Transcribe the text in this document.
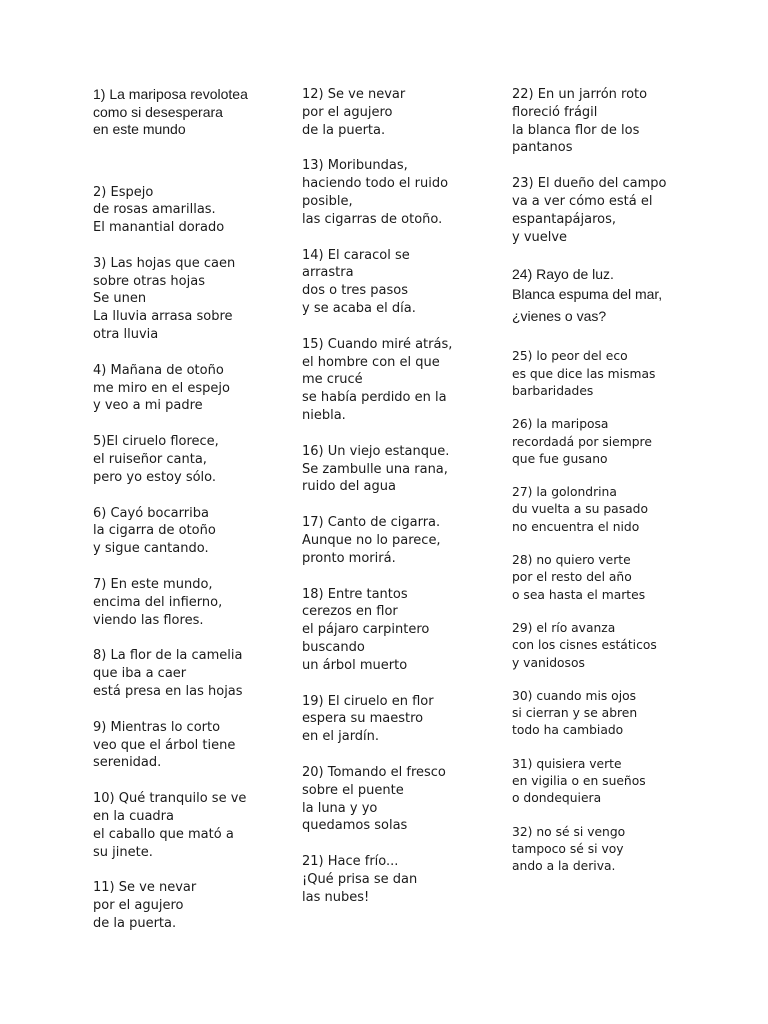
1) La mariposa revolotea
como si desesperara
en este mundo
2) Espejo
de rosas amarillas.
El manantial dorado
3) Las hojas que caen
sobre otras hojas
Se unen
La lluvia arrasa sobre
otra lluvia
4) Mañana de otoño
me miro en el espejo
y veo a mi padre
5)El ciruelo florece,
el ruiseñor canta,
pero yo estoy sólo.
6) Cayó bocarriba
la cigarra de otoño
y sigue cantando.
7) En este mundo,
encima del infierno,
viendo las flores.
8) La flor de la camelia
que iba a caer
está presa en las hojas
9) Mientras lo corto
veo que el árbol tiene
serenidad.
10) Qué tranquilo se ve
en la cuadra
el caballo que mató a
su jinete.
11) Se ve nevar
por el agujero
de la puerta.
12) Se ve nevar
por el agujero
de la puerta.
13) Moribundas,
haciendo todo el ruido
posible,
las cigarras de otoño.
14) El caracol se
arrastra
dos o tres pasos
y se acaba el día.
15) Cuando miré atrás,
el hombre con el que
me crucé
se había perdido en la
niebla.
16) Un viejo estanque.
Se zambulle una rana,
ruido del agua
17) Canto de cigarra.
Aunque no lo parece,
pronto morirá.
18) Entre tantos
cerezos en flor
el pájaro carpintero
buscando
un árbol muerto
19) El ciruelo en flor
espera su maestro
en el jardín.
20) Tomando el fresco
sobre el puente
la luna y yo
quedamos solas
21) Hace frío...
¡Qué prisa se dan
las nubes!
22) En un jarrón roto
floreció frágil
la blanca flor de los
pantanos
23) El dueño del campo
va a ver cómo está el
espantapájaros,
y vuelve
24) Rayo de luz.
Blanca espuma del mar,
¿vienes o vas?
25) lo peor del eco
es que dice las mismas
barbaridades
26) la mariposa
recordadá por siempre
que fue gusano
27) la golondrina
du vuelta a su pasado
no encuentra el nido
28) no quiero verte
por el resto del año
o sea hasta el martes
29) el río avanza
con los cisnes estáticos
y vanidosos
30) cuando mis ojos
si cierran y se abren
todo ha cambiado
31) quisiera verte
en vigilia o en sueños
o dondequiera
32) no sé si vengo
tampoco sé si voy
ando a la deriva.
